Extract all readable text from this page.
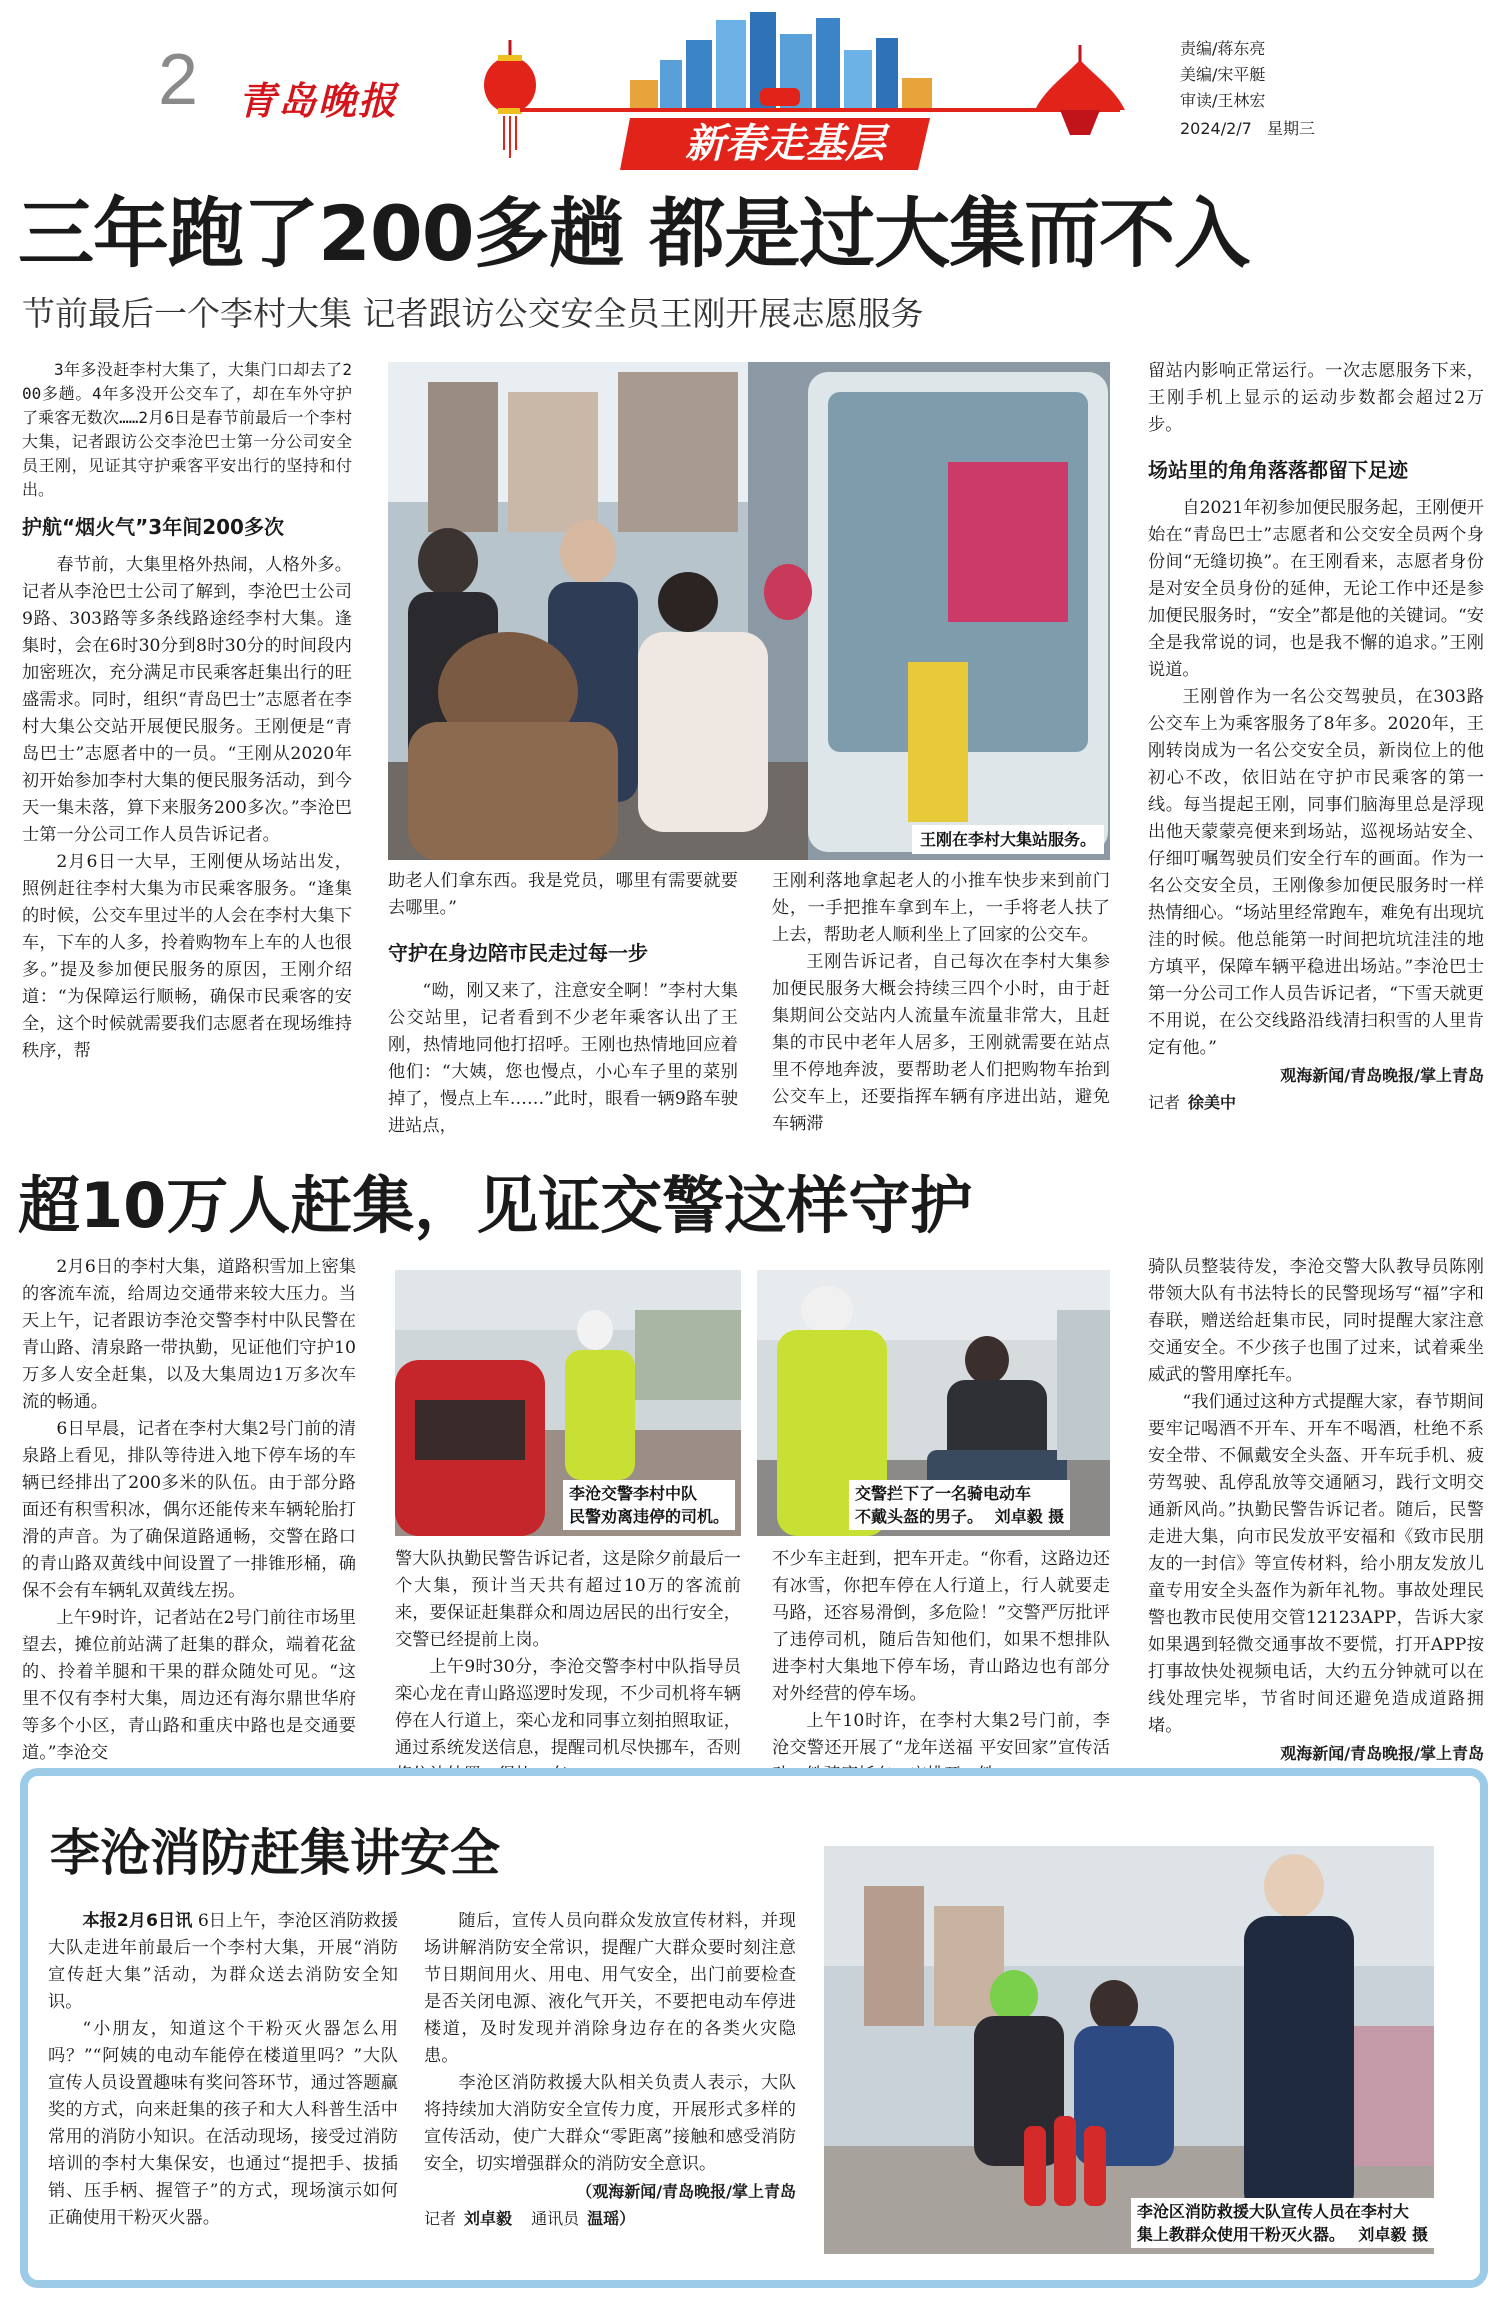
2 青岛晚报
新春走基层
责编/蒋东亮
美编/宋平艇
审读/王林宏
2024/2/7 星期三
三年跑了200多趟 都是过大集而不入
节前最后一个李村大集 记者跟访公交安全员王刚开展志愿服务

3年多没赶李村大集了，大集门口却去了200多趟。4年多没开公交车了，却在车外守护了乘客无数次……2月6日是春节前最后一个李村大集，记者跟访公交李沧巴士第一分公司安全员王刚，见证其守护乘客平安出行的坚持和付出。

护航“烟火气”3年间200多次

春节前，大集里格外热闹，人格外多。记者从李沧巴士公司了解到，李沧巴士公司9路、303路等多条线路途经李村大集。逢集时，会在6时30分到8时30分的时间段内加密班次，充分满足市民乘客赶集出行的旺盛需求。同时，组织“青岛巴士”志愿者在李村大集公交站开展便民服务。王刚便是“青岛巴士”志愿者中的一员。“王刚从2020年初开始参加李村大集的便民服务活动，到今天一集未落，算下来服务200多次。”李沧巴士第一分公司工作人员告诉记者。

2月6日一大早，王刚便从场站出发，照例赶往李村大集为市民乘客服务。“逢集的时候，公交车里过半的人会在李村大集下车，下车的人多，拎着购物车上车的人也很多。”提及参加便民服务的原因，王刚介绍道：“为保障运行顺畅，确保市民乘客的安全，这个时候就需要我们志愿者在现场维持秩序，帮

王刚在李村大集站服务。

助老人们拿东西。我是党员，哪里有需要就要去哪里。”

守护在身边陪市民走过每一步

“呦，刚又来了，注意安全啊！”李村大集公交站里，记者看到不少老年乘客认出了王刚，热情地同他打招呼。王刚也热情地回应着他们：“大姨，您也慢点，小心车子里的菜别掉了，慢点上车……”此时，眼看一辆9路车驶进站点，

王刚利落地拿起老人的小推车快步来到前门处，一手把推车拿到车上，一手将老人扶了上去，帮助老人顺利坐上了回家的公交车。

王刚告诉记者，自己每次在李村大集参加便民服务大概会持续三四个小时，由于赶集期间公交站内人流量车流量非常大，且赶集的市民中老年人居多，王刚就需要在站点里不停地奔波，要帮助老人们把购物车抬到公交车上，还要指挥车辆有序进出站，避免车辆滞

留站内影响正常运行。一次志愿服务下来，王刚手机上显示的运动步数都会超过2万步。

场站里的角角落落都留下足迹

自2021年初参加便民服务起，王刚便开始在“青岛巴士”志愿者和公交安全员两个身份间“无缝切换”。在王刚看来，志愿者身份是对安全员身份的延伸，无论工作中还是参加便民服务时，“安全”都是他的关键词。“安全是我常说的词，也是我不懈的追求。”王刚说道。

王刚曾作为一名公交驾驶员，在303路公交车上为乘客服务了8年多。2020年，王刚转岗成为一名公交安全员，新岗位上的他初心不改，依旧站在守护市民乘客的第一线。每当提起王刚，同事们脑海里总是浮现出他天蒙蒙亮便来到场站，巡视场站安全、仔细叮嘱驾驶员们安全行车的画面。作为一名公交安全员，王刚像参加便民服务时一样热情细心。“场站里经常跑车，难免有出现坑洼的时候。他总能第一时间把坑坑洼洼的地方填平，保障车辆平稳进出场站。”李沧巴士第一分公司工作人员告诉记者，“下雪天就更不用说，在公交线路沿线清扫积雪的人里肯定有他。”

观海新闻/青岛晚报/掌上青岛
记者 徐美中
超10万人赶集，见证交警这样守护

2月6日的李村大集，道路积雪加上密集的客流车流，给周边交通带来较大压力。当天上午，记者跟访李沧交警李村中队民警在青山路、清泉路一带执勤，见证他们守护10万多人安全赶集，以及大集周边1万多次车流的畅通。

6日早晨，记者在李村大集2号门前的清泉路上看见，排队等待进入地下停车场的车辆已经排出了200多米的队伍。由于部分路面还有积雪积冰，偶尔还能传来车辆轮胎打滑的声音。为了确保道路通畅，交警在路口的青山路双黄线中间设置了一排锥形桶，确保不会有车辆轧双黄线左拐。

上午9时许，记者站在2号门前往市场里望去，摊位前站满了赶集的群众，端着花盆的、拎着羊腿和干果的群众随处可见。“这里不仅有李村大集，周边还有海尔鼎世华府等多个小区，青山路和重庆中路也是交通要道。”李沧交

李沧交警李村中队
民警劝离违停的司机。
交警拦下了一名骑电动车
不戴头盔的男子。 刘卓毅 摄

警大队执勤民警告诉记者，这是除夕前最后一个大集，预计当天共有超过10万的客流前来，要保证赶集群众和周边居民的出行安全，交警已经提前上岗。

上午9时30分，李沧交警李村中队指导员栾心龙在青山路巡逻时发现，不少司机将车辆停在人行道上，栾心龙和同事立刻拍照取证，通过系统发送信息，提醒司机尽快挪车，否则

不少车主赶到，把车开走。“你看，这路边还有冰雪，你把车停在人行道上，行人就要走马路，还容易滑倒，多危险！”交警严厉批评了违停司机，随后告知他们，如果不想排队进李村大集地下停车场，青山路边也有部分对外经营的停车场。

上午10时许，在李村大集2号门前，李沧交警还开展了“龙年送福 平安回家”宣传活

骑队员整装待发，李沧交警大队教导员陈刚带领大队有书法特长的民警现场写“福”字和春联，赠送给赶集市民，同时提醒大家注意交通安全。不少孩子也围了过来，试着乘坐威武的警用摩托车。

“我们通过这种方式提醒大家，春节期间要牢记喝酒不开车、开车不喝酒，杜绝不系安全带、不佩戴安全头盔、开车玩手机、疲劳驾驶、乱停乱放等交通陋习，践行文明交通新风尚。”执勤民警告诉记者。随后，民警走进大集，向市民发放平安福和《致市民朋友的一封信》等宣传材料，给小朋友发放儿童专用安全头盔作为新年礼物。事故处理民警也教市民使用交管12123APP，告诉大家如果遇到轻微交通事故不要慌，打开APP按打事故快处视频电话，大约五分钟就可以在线处理完毕，节省时间还避免造成道路拥堵。

观海新闻/青岛晚报/掌上青岛
李沧消防赶集讲安全

本报2月6日讯 6日上午，李沧区消防救援大队走进年前最后一个李村大集，开展“消防宣传赶大集”活动，为群众送去消防安全知识。

“小朋友，知道这个干粉灭火器怎么用吗？”“阿姨的电动车能停在楼道里吗？”大队宣传人员设置趣味有奖问答环节，通过答题赢奖的方式，向来赶集的孩子和大人科普生活中常用的消防小知识。在活动现场，接受过消防培训的李村大集保安，也通过“提把手、拔插销、压手柄、握管子”的方式，现场演示如何正确使用干粉灭火器。

随后，宣传人员向群众发放宣传材料，并现场讲解消防安全常识，提醒广大群众要时刻注意节日期间用火、用电、用气安全，出门前要检查是否关闭电源、液化气开关，不要把电动车停进楼道，及时发现并消除身边存在的各类火灾隐患。

李沧区消防救援大队相关负责人表示，大队将持续加大消防安全宣传力度，开展形式多样的宣传活动，使广大群众“零距离”接触和感受消防安全，切实增强群众的消防安全意识。

（观海新闻/青岛晚报/掌上青岛
记者 刘卓毅 通讯员 温瑶）	李沧区消防救援大队宣传人员在李村大
集上教群众使用干粉灭火器。 刘卓毅 摄
